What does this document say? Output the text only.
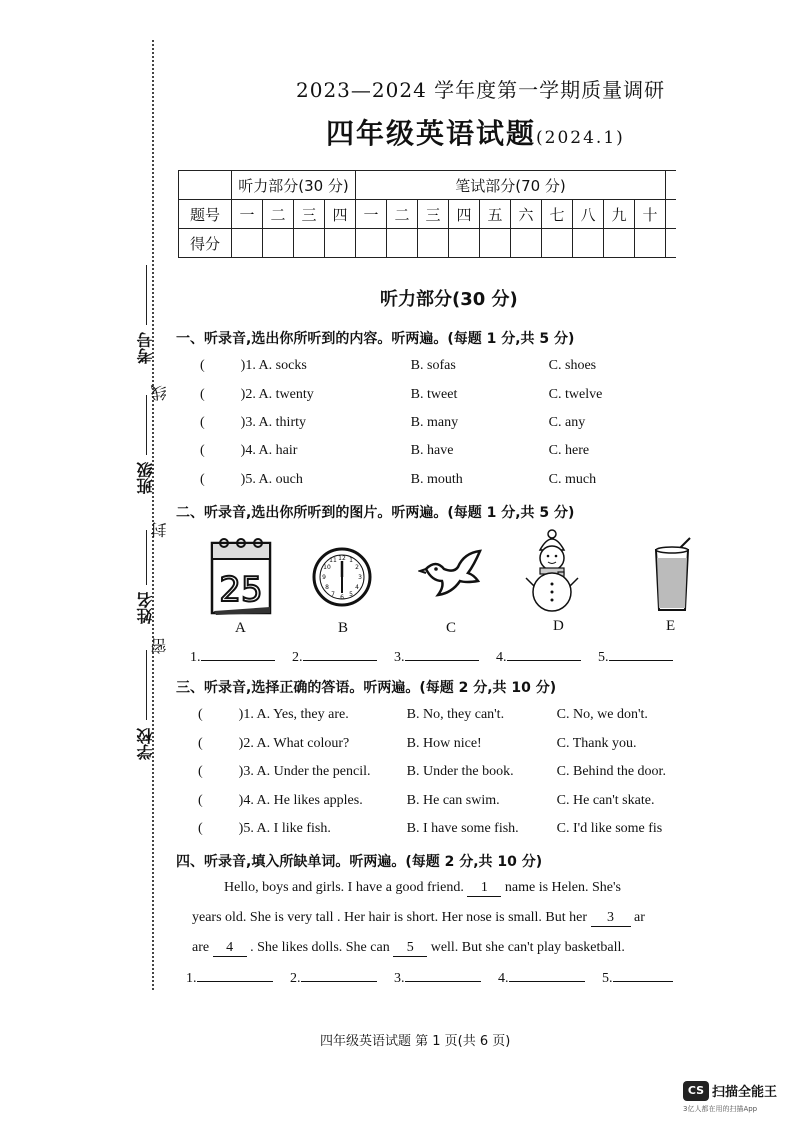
考号
线
班级
封
姓名
密
学校
2023—2024 学年度第一学期质量调研
四年级英语试题(2024.1)
	听力部分(30 分)				笔试部分(70 分)										
题号	一	二	三	四	一	二	三	四	五	六	七	八	九	十	
得分															
听力部分(30 分)
一、听录音,选出你所听到的内容。听两遍。(每题 1 分,共 5 分)
(	)1. A. socks	B. sofas	C. shoes
(	)2. A. twenty	B. tweet	C. twelve
(	)3. A. thirty	B. many	C. any
(	)4. A. hair	B. have	C. here
(	)5. A. ouch	B. mouth	C. much
二、听录音,选出你所听到的图片。听两遍。(每题 1 分,共 5 分)
25
12 1
2
3
4
5
6
7
8
9
10
11
A	B	C	D	E
1.	2.	3.	4.	5.
三、听录音,选择正确的答语。听两遍。(每题 2 分,共 10 分)
(	)1. A. Yes, they are.	B. No, they can't.	C. No, we don't.
(	)2. A. What colour?	B. How nice!	C. Thank you.
(	)3. A. Under the pencil.	B. Under the book.	C. Behind the door.
(	)4. A. He likes apples.	B. He can swim.	C. He can't skate.
(	)5. A. I like fish.	B. I have some fish.	C. I'd like some fis
四、听录音,填入所缺单词。听两遍。(每题 2 分,共 10 分)
Hello, boys and girls. I have a good friend. 1 name is Helen. She's
years old. She is very tall . Her hair is short. Her nose is small. But her 3 ar
are 4 . She likes dolls. She can 5 well. But she can't play basketball.
1.	2.	3.	4.	5.
四年级英语试题 第 1 页(共 6 页)
CS 扫描全能王
3亿人都在用的扫描App
